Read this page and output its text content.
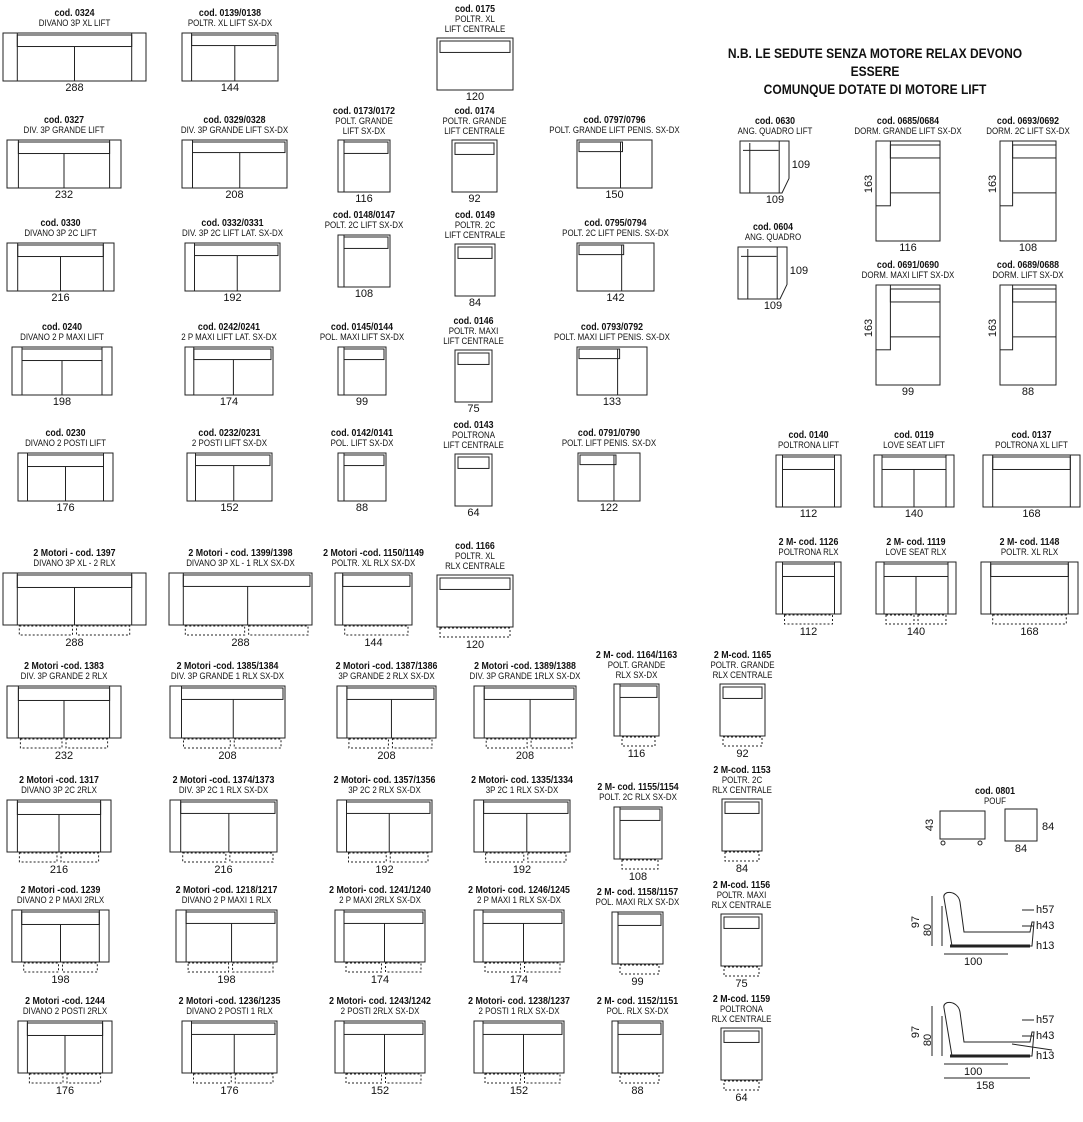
N.B. LE SEDUTE SENZA MOTORE RELAX DEVONO ESSERE
COMUNQUE DOTATE DI MOTORE LIFT
cod. 0324
DIVANO 3P XL LIFT
288
cod. 0139/0138
POLTR. XL LIFT SX-DX
144
cod. 0175
POLTR. XL
LIFT CENTRALE
120
cod. 0327
DIV. 3P GRANDE LIFT
232
cod. 0329/0328
DIV. 3P GRANDE LIFT SX-DX
208
cod. 0173/0172
POLT. GRANDE
LIFT SX-DX
116
cod. 0174
POLTR. GRANDE
LIFT CENTRALE
92
cod. 0797/0796
POLT. GRANDE LIFT PENIS. SX-DX
150
cod. 0330
DIVANO 3P 2C LIFT
216
cod. 0332/0331
DIV. 3P 2C LIFT LAT. SX-DX
192
cod. 0148/0147
POLT. 2C LIFT SX-DX
108
cod. 0149
POLTR. 2C
LIFT CENTRALE
84
cod. 0795/0794
POLT. 2C LIFT PENIS. SX-DX
142
cod. 0240
DIVANO 2 P MAXI LIFT
198
cod. 0242/0241
2 P MAXI LIFT LAT. SX-DX
174
cod. 0145/0144
POL. MAXI LIFT SX-DX
99
cod. 0146
POLTR. MAXI
LIFT CENTRALE
75
cod. 0793/0792
POLT. MAXI LIFT PENIS. SX-DX
133
cod. 0230
DIVANO 2 POSTI LIFT
176
cod. 0232/0231
2 POSTI LIFT SX-DX
152
cod. 0142/0141
POL. LIFT SX-DX
88
cod. 0143
POLTRONA
LIFT CENTRALE
64
cod. 0791/0790
POLT. LIFT PENIS. SX-DX
122
cod. 0630
ANG. QUADRO LIFT
109
109
cod. 0604
ANG. QUADRO
109
109
cod. 0685/0684
DORM. GRANDE LIFT SX-DX
116
163
cod. 0693/0692
DORM. 2C LIFT SX-DX
108
163
cod. 0691/0690
DORM. MAXI LIFT SX-DX
99
163
cod. 0689/0688
DORM. LIFT SX-DX
88
163
cod. 0140
POLTRONA LIFT
112
cod. 0119
LOVE SEAT LIFT
140
cod. 0137
POLTRONA XL LIFT
168
2 M- cod. 1126
POLTRONA RLX
112
2 M- cod. 1119
LOVE SEAT RLX
140
2 M- cod. 1148
POLTR. XL RLX
168
2 Motori - cod. 1397
DIVANO 3P XL - 2 RLX
288
2 Motori - cod. 1399/1398
DIVANO 3P XL - 1 RLX SX-DX
288
2 Motori -cod. 1150/1149
POLTR. XL RLX SX-DX
144
cod. 1166
POLTR. XL
RLX CENTRALE
120
2 Motori -cod. 1383
DIV. 3P GRANDE 2 RLX
232
2 Motori -cod. 1385/1384
DIV. 3P GRANDE 1 RLX SX-DX
208
2 Motori -cod. 1387/1386
3P GRANDE 2 RLX SX-DX
208
2 Motori -cod. 1389/1388
DIV. 3P GRANDE 1RLX SX-DX
208
2 M- cod. 1164/1163
POLT. GRANDE
RLX SX-DX
116
2 M-cod. 1165
POLTR. GRANDE
RLX CENTRALE
92
2 Motori -cod. 1317
DIVANO 3P 2C 2RLX
216
2 Motori -cod. 1374/1373
DIV. 3P 2C 1 RLX SX-DX
216
2 Motori- cod. 1357/1356
3P 2C 2 RLX SX-DX
192
2 Motori- cod. 1335/1334
3P 2C 1 RLX SX-DX
192
2 M- cod. 1155/1154
POLT. 2C RLX SX-DX
108
2 M-cod. 1153
POLTR. 2C
RLX CENTRALE
84
2 Motori -cod. 1239
DIVANO 2 P MAXI 2RLX
198
2 Motori -cod. 1218/1217
DIVANO 2 P MAXI 1 RLX
198
2 Motori- cod. 1241/1240
2 P MAXI 2RLX SX-DX
174
2 Motori- cod. 1246/1245
2 P MAXI 1 RLX SX-DX
174
2 M- cod. 1158/1157
POL. MAXI RLX SX-DX
99
2 M-cod. 1156
POLTR. MAXI
RLX CENTRALE
75
2 Motori -cod. 1244
DIVANO 2 POSTI 2RLX
176
2 Motori -cod. 1236/1235
DIVANO 2 POSTI 1 RLX
176
2 Motori- cod. 1243/1242
2 POSTI 2RLX SX-DX
152
2 Motori- cod. 1238/1237
2 POSTI 1 RLX SX-DX
152
2 M- cod. 1152/1151
POL. RLX SX-DX
88
2 M-cod. 1159
POLTRONA
RLX CENTRALE
64
cod. 0801
POUF
84
84
43
h57
h43
h13
97
80
100
h57
h43
h13
97
80
100
158
